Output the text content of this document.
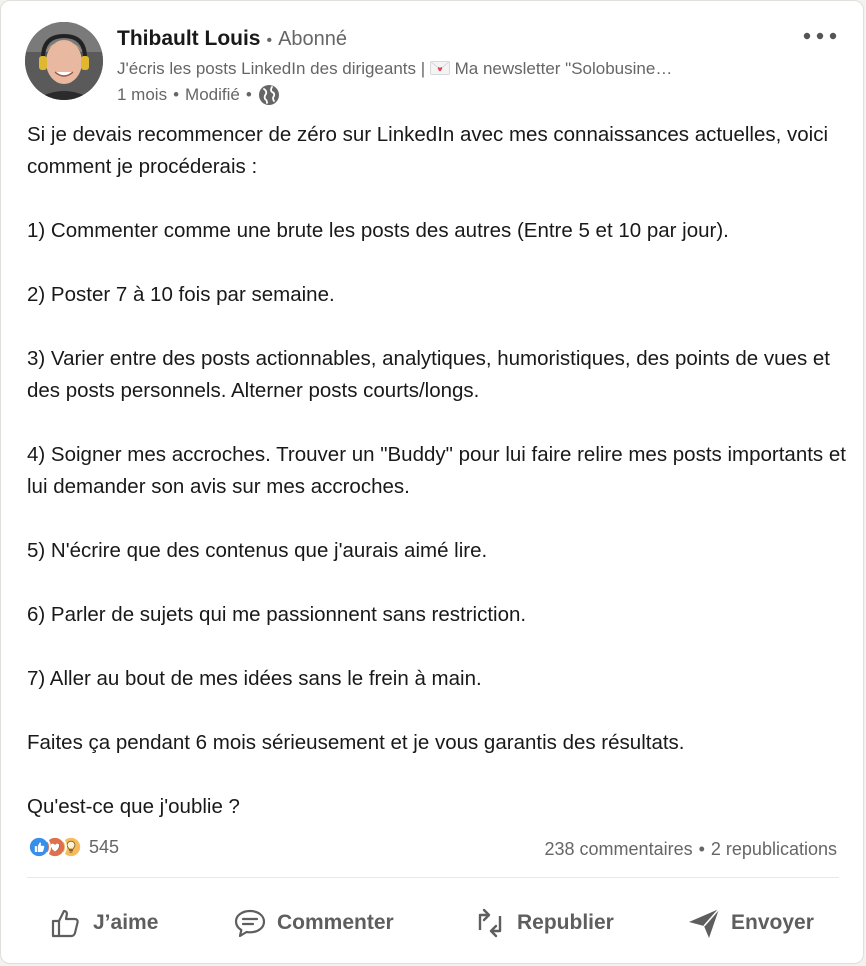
Thibault Louis • Abonné
J'écris les posts LinkedIn des dirigeants | Ma newsletter "Solobusine…
1 mois • Modifié •

Si je devais recommencer de zéro sur LinkedIn avec mes connaissances actuelles, voici comment je procéderais :

1) Commenter comme une brute les posts des autres (Entre 5 et 10 par jour).

2) Poster 7 à 10 fois par semaine.

3) Varier entre des posts actionnables, analytiques, humoristiques, des points de vues et des posts personnels. Alterner posts courts/longs.

4) Soigner mes accroches. Trouver un "Buddy" pour lui faire relire mes posts importants et lui demander son avis sur mes accroches.

5) N'écrire que des contenus que j'aurais aimé lire.

6) Parler de sujets qui me passionnent sans restriction.

7) Aller au bout de mes idées sans le frein à main.

Faites ça pendant 6 mois sérieusement et je vous garantis des résultats.

Qu'est-ce que j'oublie ?

545	238 commentaires • 2 republications
J’aime	Commenter	Republier	Envoyer
